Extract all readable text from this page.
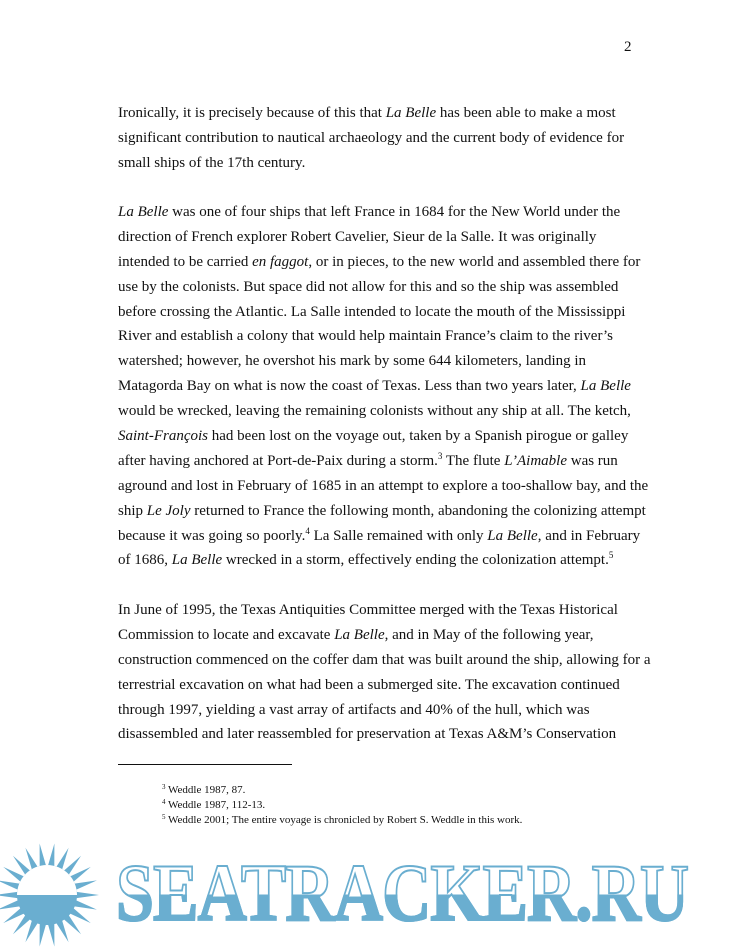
2
Ironically, it is precisely because of this that La Belle has been able to make a most
significant contribution to nautical archaeology and the current body of evidence for
small ships of the 17th century.
La Belle was one of four ships that left France in 1684 for the New World under the
direction of French explorer Robert Cavelier, Sieur de la Salle. It was originally
intended to be carried en faggot, or in pieces, to the new world and assembled there for
use by the colonists. But space did not allow for this and so the ship was assembled
before crossing the Atlantic. La Salle intended to locate the mouth of the Mississippi
River and establish a colony that would help maintain France’s claim to the river’s
watershed; however, he overshot his mark by some 644 kilometers, landing in
Matagorda Bay on what is now the coast of Texas. Less than two years later, La Belle
would be wrecked, leaving the remaining colonists without any ship at all. The ketch,
Saint-François had been lost on the voyage out, taken by a Spanish pirogue or galley
after having anchored at Port-de-Paix during a storm.$^3$ The flute L’Aimable was run
aground and lost in February of 1685 in an attempt to explore a too-shallow bay, and the
ship Le Joly returned to France the following month, abandoning the colonizing attempt
because it was going so poorly.$^4$ La Salle remained with only La Belle, and in February
of 1686, La Belle wrecked in a storm, effectively ending the colonization attempt.$^5$
In June of 1995, the Texas Antiquities Committee merged with the Texas Historical
Commission to locate and excavate La Belle, and in May of the following year,
construction commenced on the coffer dam that was built around the ship, allowing for a
terrestrial excavation on what had been a submerged site. The excavation continued
through 1997, yielding a vast array of artifacts and 40% of the hull, which was
disassembled and later reassembled for preservation at Texas A&M’s Conservation
$^3$ Weddle 1987, 87.
$^4$ Weddle 1987, 112-13.
$^5$ Weddle 2001; The entire voyage is chronicled by Robert S. Weddle in this work.
SEATRACKER.RU
